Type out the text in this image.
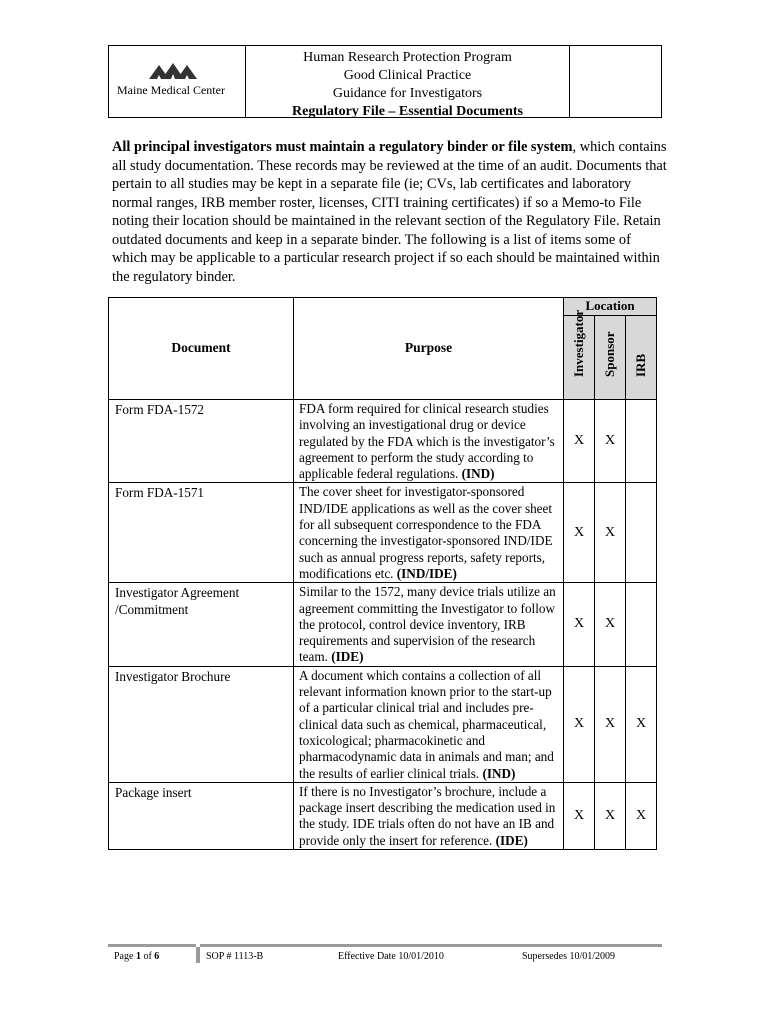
Maine Medical Center
Human Research Protection Program
Good Clinical Practice
Guidance for Investigators
Regulatory File – Essential Documents
All principal investigators must maintain a regulatory binder or file system, which contains all study documentation. These records may be reviewed at the time of an audit. Documents that pertain to all studies may be kept in a separate file (ie; CVs, lab certificates and laboratory normal ranges, IRB member roster, licenses, CITI training certificates) if so a Memo-to File noting their location should be maintained in the relevant section of the Regulatory File. Retain outdated documents and keep in a separate binder. The following is a list of items some of which may be applicable to a particular research project if so each should be maintained within the regulatory binder.
Document	Purpose	Location		

		Investigator	Sponsor	IRB

Form FDA-1572	FDA form required for clinical research studies involving an investigational drug or device regulated by the FDA which is the investigator’s agreement to perform the study according to applicable federal regulations. (IND)	X	X	
Form FDA-1571	The cover sheet for investigator-sponsored IND/IDE applications as well as the cover sheet for all subsequent correspondence to the FDA concerning the investigator-sponsored IND/IDE such as annual progress reports, safety reports, modifications etc. (IND/IDE)	X	X	
Investigator Agreement /Commitment	Similar to the 1572, many device trials utilize an agreement committing the Investigator to follow the protocol, control device inventory, IRB requirements and supervision of the research team. (IDE)	X	X	
Investigator Brochure	A document which contains a collection of all relevant information known prior to the start-up of a particular clinical trial and includes pre-clinical data such as chemical, pharmaceutical, toxicological; pharmacokinetic and pharmacodynamic data in animals and man; and the results of earlier clinical trials. (IND)	X	X	X
Package insert	If there is no Investigator’s brochure, include a package insert describing the medication used in the study. IDE trials often do not have an IB and provide only the insert for reference. (IDE)	X	X	X
Page 1 of 6	SOP # 1113-B	Effective Date 10/01/2010	Supersedes 10/01/2009
